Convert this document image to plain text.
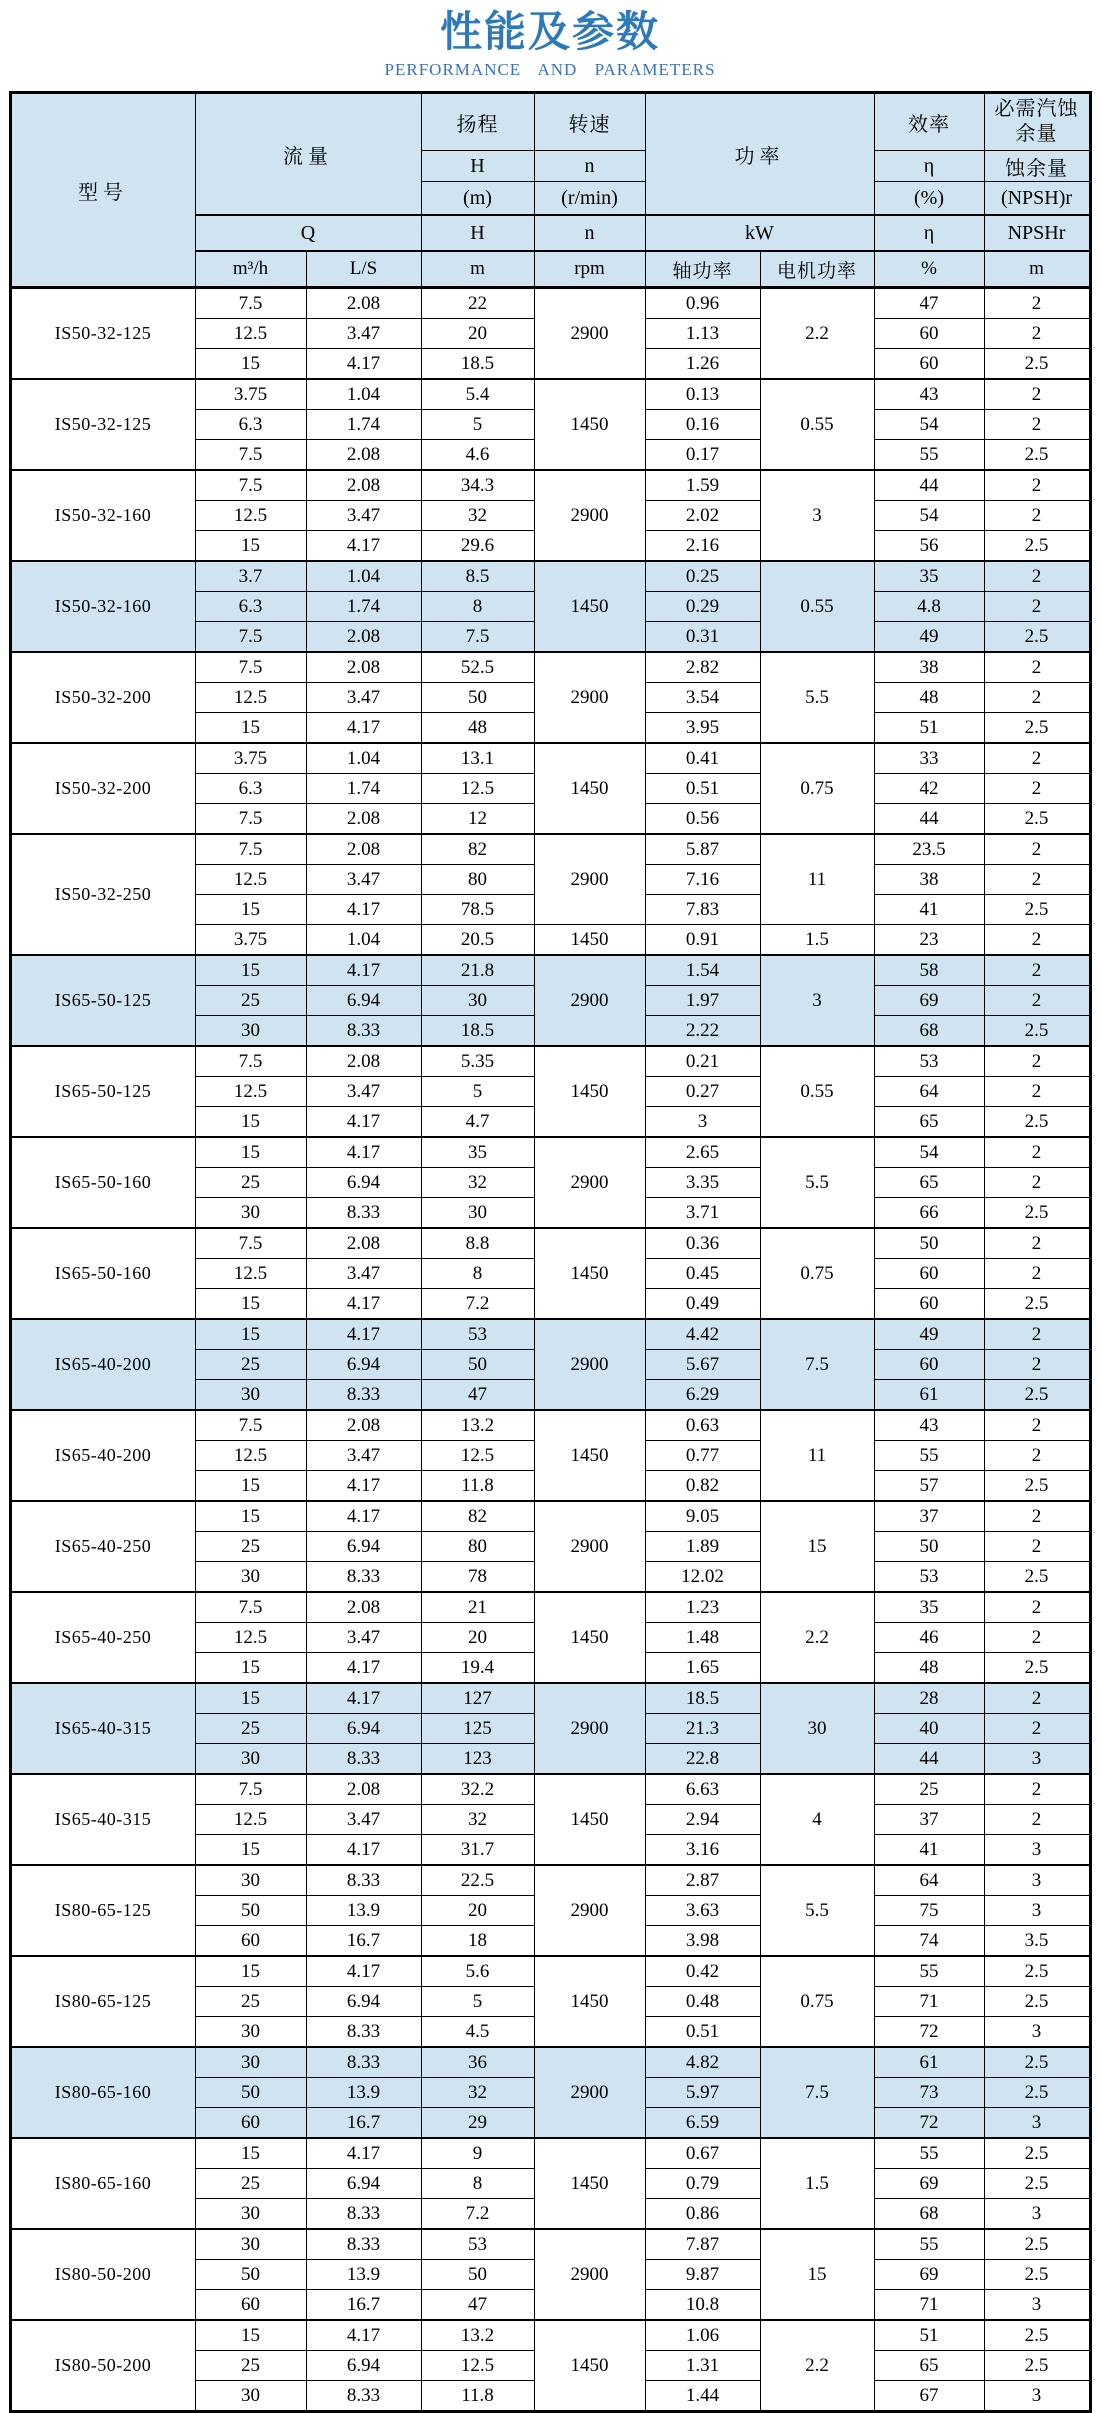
性能及参数
PERFORMANCE AND PARAMETERS
型号	流量		扬程	转速	功率		效率	必需汽蚀余量
			H	n			η	蚀余量
			(m)	(r/min)			(%)	(NPSH)r
	Q		H	n	kW		η	NPSHr
	m³/h	L/S	m	rpm	轴功率	电机功率	%	m
IS50-32-125	7.5	2.08	22	2900	0.96	2.2	47	2
	12.5	3.47	20		1.13		60	2
	15	4.17	18.5		1.26		60	2.5
IS50-32-125	3.75	1.04	5.4	1450	0.13	0.55	43	2
	6.3	1.74	5		0.16		54	2
	7.5	2.08	4.6		0.17		55	2.5
IS50-32-160	7.5	2.08	34.3	2900	1.59	3	44	2
	12.5	3.47	32		2.02		54	2
	15	4.17	29.6		2.16		56	2.5
IS50-32-160	3.7	1.04	8.5	1450	0.25	0.55	35	2
	6.3	1.74	8		0.29		4.8	2
	7.5	2.08	7.5		0.31		49	2.5
IS50-32-200	7.5	2.08	52.5	2900	2.82	5.5	38	2
	12.5	3.47	50		3.54		48	2
	15	4.17	48		3.95		51	2.5
IS50-32-200	3.75	1.04	13.1	1450	0.41	0.75	33	2
	6.3	1.74	12.5		0.51		42	2
	7.5	2.08	12		0.56		44	2.5
IS50-32-250	7.5	2.08	82	2900	5.87	11	23.5	2
	12.5	3.47	80		7.16		38	2
	15	4.17	78.5		7.83		41	2.5
	3.75	1.04	20.5	1450	0.91	1.5	23	2
IS65-50-125	15	4.17	21.8	2900	1.54	3	58	2
	25	6.94	30		1.97		69	2
	30	8.33	18.5		2.22		68	2.5
IS65-50-125	7.5	2.08	5.35	1450	0.21	0.55	53	2
	12.5	3.47	5		0.27		64	2
	15	4.17	4.7		3		65	2.5
IS65-50-160	15	4.17	35	2900	2.65	5.5	54	2
	25	6.94	32		3.35		65	2
	30	8.33	30		3.71		66	2.5
IS65-50-160	7.5	2.08	8.8	1450	0.36	0.75	50	2
	12.5	3.47	8		0.45		60	2
	15	4.17	7.2		0.49		60	2.5
IS65-40-200	15	4.17	53	2900	4.42	7.5	49	2
	25	6.94	50		5.67		60	2
	30	8.33	47		6.29		61	2.5
IS65-40-200	7.5	2.08	13.2	1450	0.63	11	43	2
	12.5	3.47	12.5		0.77		55	2
	15	4.17	11.8		0.82		57	2.5
IS65-40-250	15	4.17	82	2900	9.05	15	37	2
	25	6.94	80		1.89		50	2
	30	8.33	78		12.02		53	2.5
IS65-40-250	7.5	2.08	21	1450	1.23	2.2	35	2
	12.5	3.47	20		1.48		46	2
	15	4.17	19.4		1.65		48	2.5
IS65-40-315	15	4.17	127	2900	18.5	30	28	2
	25	6.94	125		21.3		40	2
	30	8.33	123		22.8		44	3
IS65-40-315	7.5	2.08	32.2	1450	6.63	4	25	2
	12.5	3.47	32		2.94		37	2
	15	4.17	31.7		3.16		41	3
IS80-65-125	30	8.33	22.5	2900	2.87	5.5	64	3
	50	13.9	20		3.63		75	3
	60	16.7	18		3.98		74	3.5
IS80-65-125	15	4.17	5.6	1450	0.42	0.75	55	2.5
	25	6.94	5		0.48		71	2.5
	30	8.33	4.5		0.51		72	3
IS80-65-160	30	8.33	36	2900	4.82	7.5	61	2.5
	50	13.9	32		5.97		73	2.5
	60	16.7	29		6.59		72	3
IS80-65-160	15	4.17	9	1450	0.67	1.5	55	2.5
	25	6.94	8		0.79		69	2.5
	30	8.33	7.2		0.86		68	3
IS80-50-200	30	8.33	53	2900	7.87	15	55	2.5
	50	13.9	50		9.87		69	2.5
	60	16.7	47		10.8		71	3
IS80-50-200	15	4.17	13.2	1450	1.06	2.2	51	2.5
	25	6.94	12.5		1.31		65	2.5
	30	8.33	11.8		1.44		67	3
